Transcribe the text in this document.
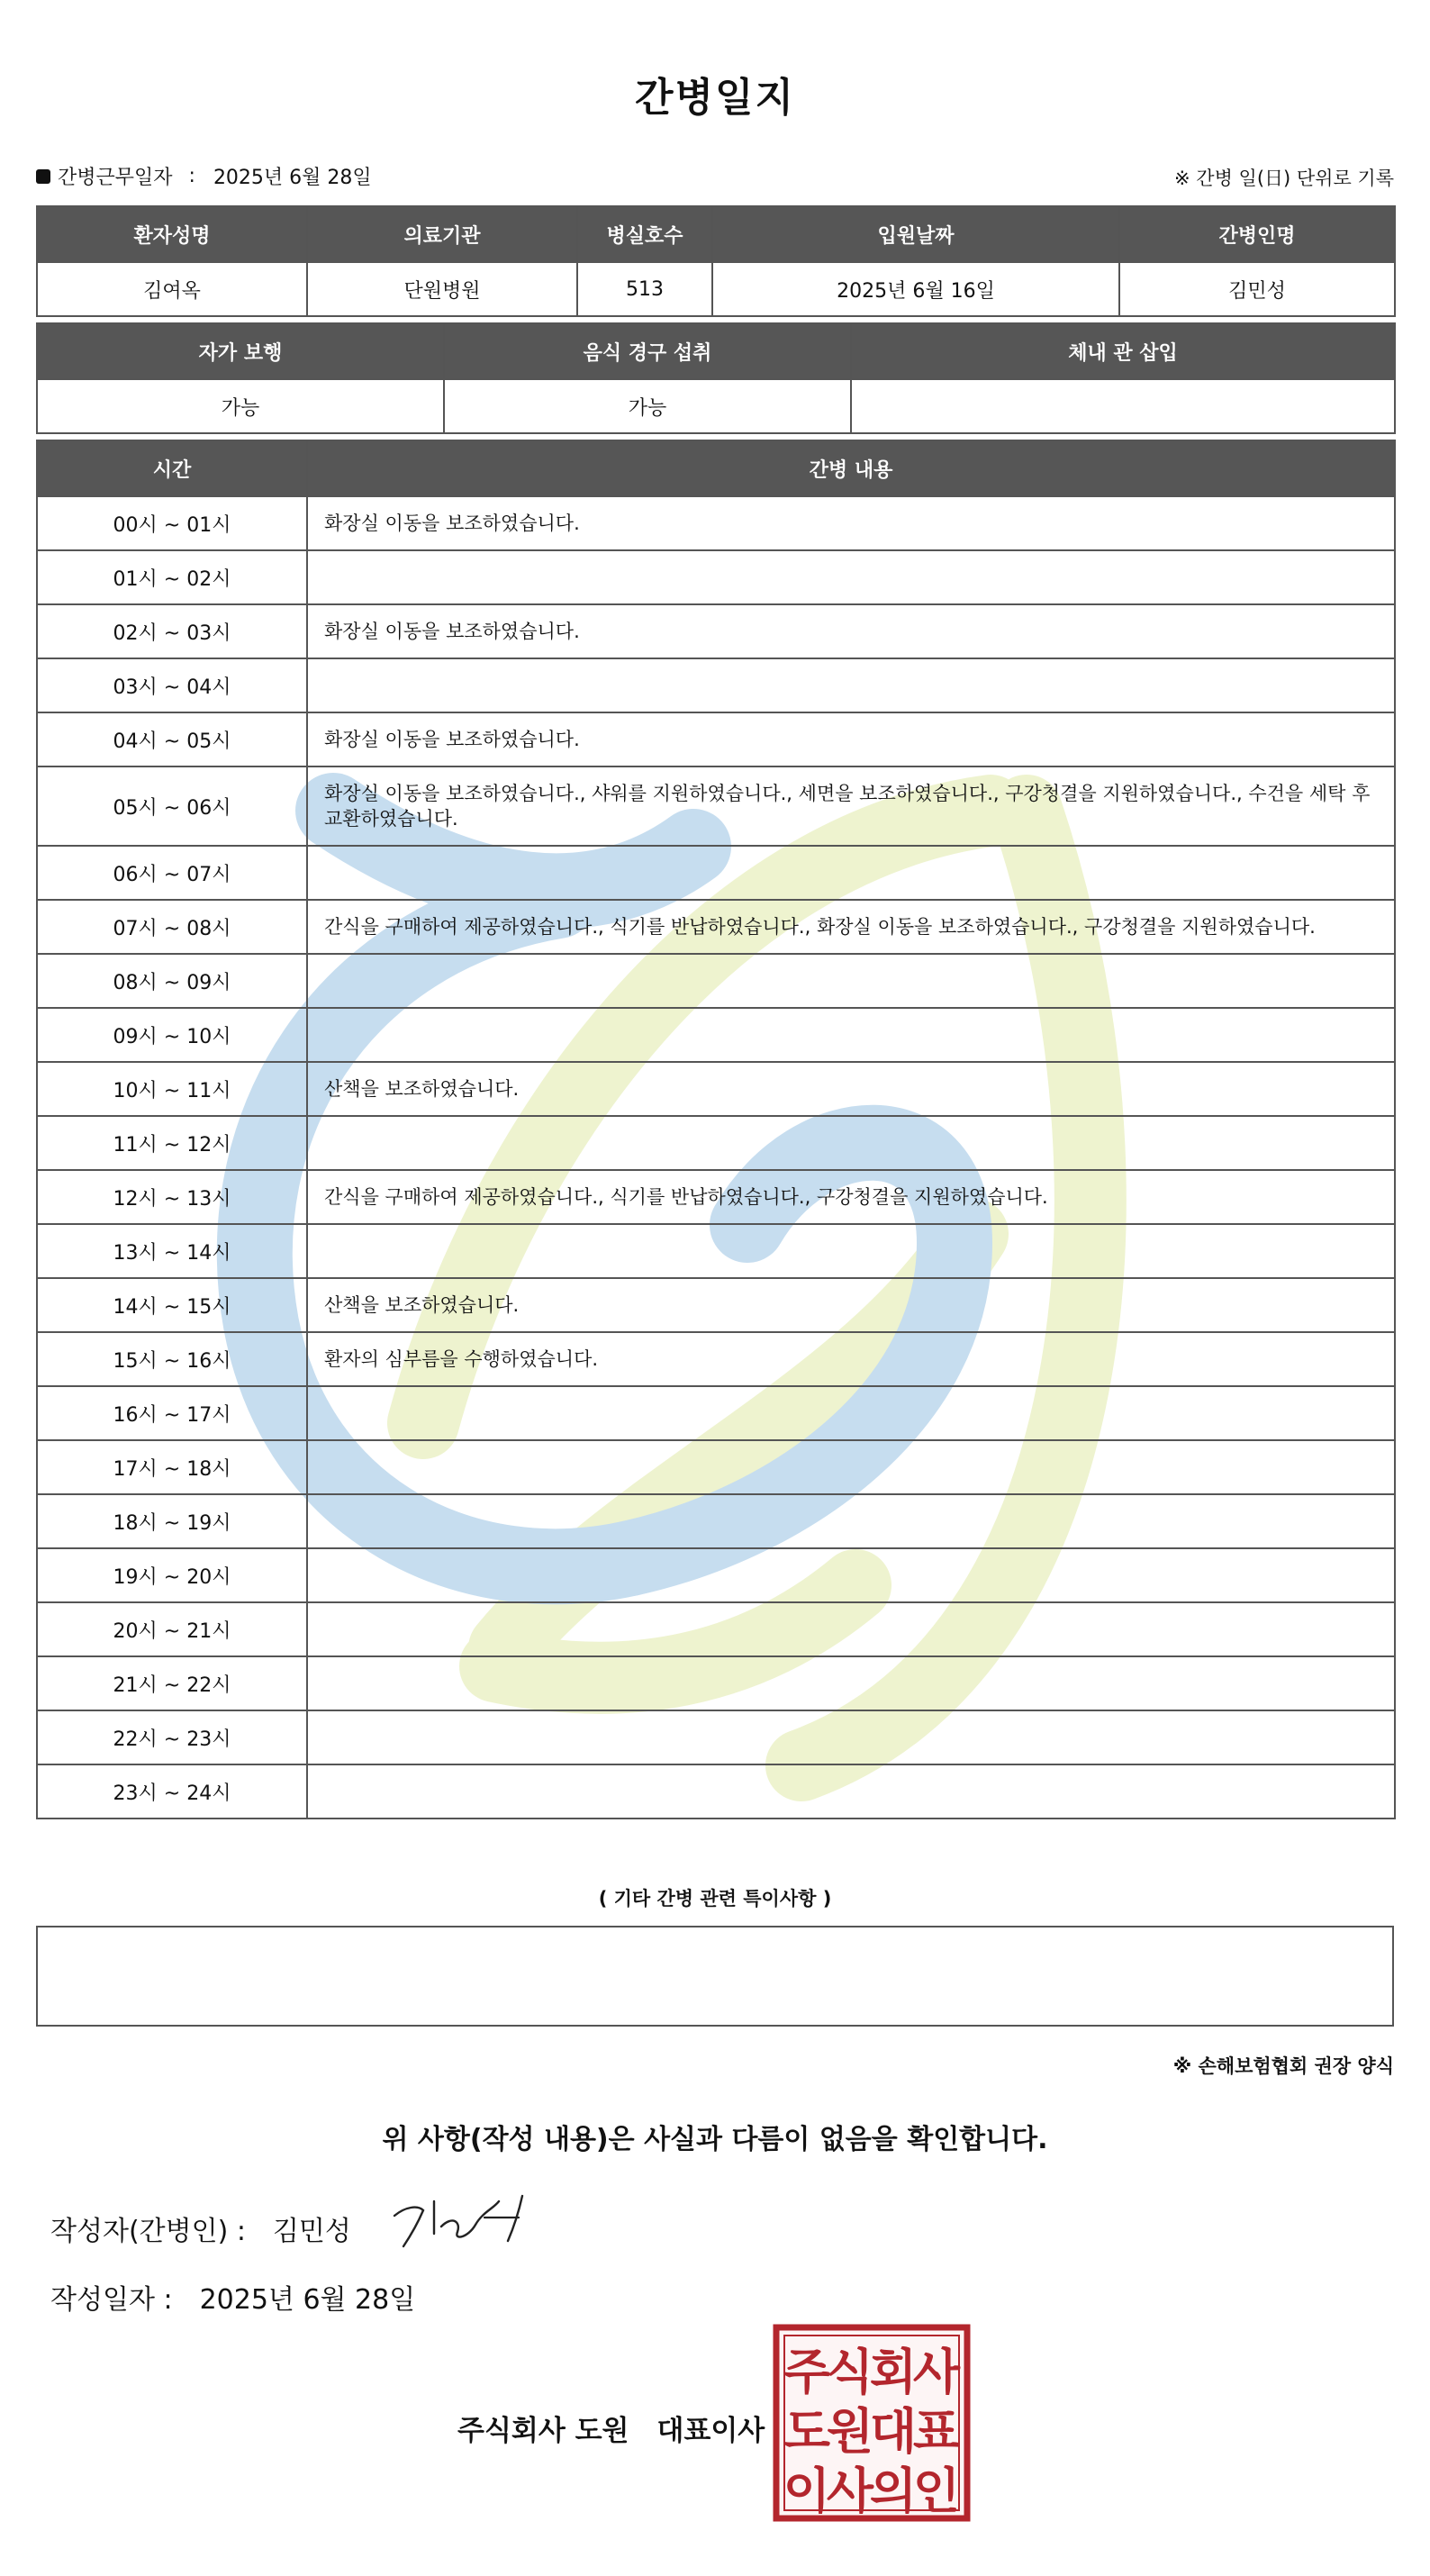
간병일지
간병근무일자 : 2025년 6월 28일	※ 간병 일(日) 단위로 기록
환자성명	의료기관	병실호수	입원날짜	간병인명
김여옥	단원병원	513	2025년 6월 16일	김민성
자가 보행	음식 경구 섭취	체내 관 삽입
가능	가능	
시간	간병 내용
00시 ~ 01시	화장실 이동을 보조하였습니다.
01시 ~ 02시	
02시 ~ 03시	화장실 이동을 보조하였습니다.
03시 ~ 04시	
04시 ~ 05시	화장실 이동을 보조하였습니다.
05시 ~ 06시	화장실 이동을 보조하였습니다., 샤워를 지원하였습니다., 세면을 보조하였습니다., 구강청결을 지원하였습니다., 수건을 세탁 후 교환하였습니다.
06시 ~ 07시	
07시 ~ 08시	간식을 구매하여 제공하였습니다., 식기를 반납하였습니다., 화장실 이동을 보조하였습니다., 구강청결을 지원하였습니다.
08시 ~ 09시	
09시 ~ 10시	
10시 ~ 11시	산책을 보조하였습니다.
11시 ~ 12시	
12시 ~ 13시	간식을 구매하여 제공하였습니다., 식기를 반납하였습니다., 구강청결을 지원하였습니다.
13시 ~ 14시	
14시 ~ 15시	산책을 보조하였습니다.
15시 ~ 16시	환자의 심부름을 수행하였습니다.
16시 ~ 17시	
17시 ~ 18시	
18시 ~ 19시	
19시 ~ 20시	
20시 ~ 21시	
21시 ~ 22시	
22시 ~ 23시	
23시 ~ 24시	
( 기타 간병 관련 특이사항 )
※ 손해보험협회 권장 양식
위 사항(작성 내용)은 사실과 다름이 없음을 확인합니다.
작성자(간병인) : 김민성
작성일자 : 2025년 6월 28일
주식회사 도원　대표이사
주
식
회
사
도
원
대
표
이
사
의
인
